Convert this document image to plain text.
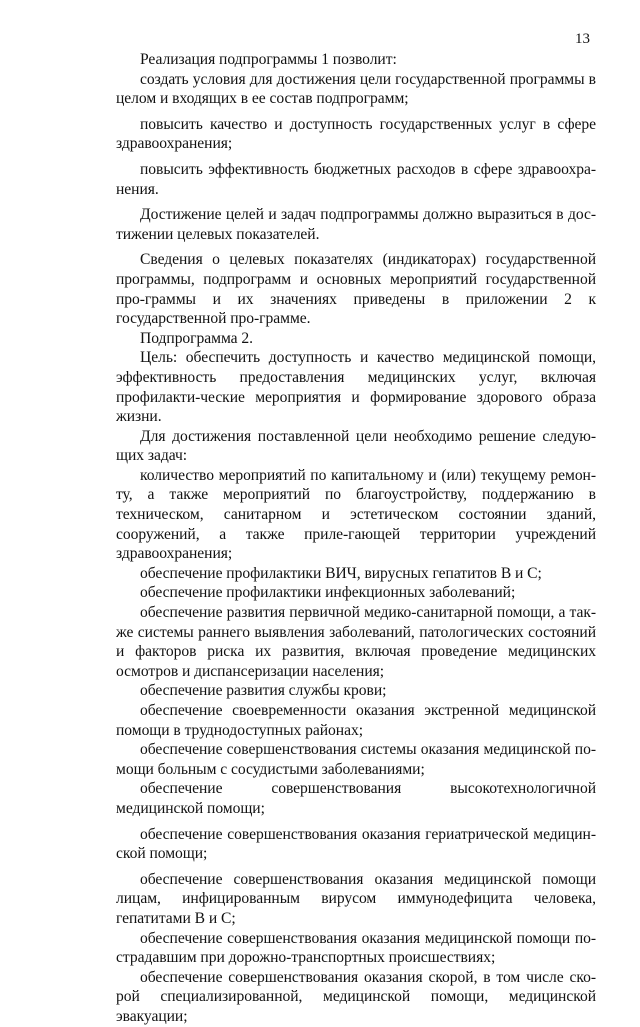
13

Реализация подпрограммы 1 позволит:

создать условия для достижения цели государственной программы в целом и входящих в ее состав подпрограмм;

повысить качество и доступность государственных услуг в сфере здравоохранения;

повысить эффективность бюджетных расходов в сфере здравоохра-нения.

Достижение целей и задач подпрограммы должно выразиться в дос-тижении целевых показателей.

Сведения о целевых показателях (индикаторах) государственной программы, подпрограмм и основных мероприятий государственной про-граммы и их значениях приведены в приложении 2 к государственной про-грамме.

Подпрограмма 2.

Цель: обеспечить доступность и качество медицинской помощи, эффективность предоставления медицинских услуг, включая профилакти-ческие мероприятия и формирование здорового образа жизни.

Для достижения поставленной цели необходимо решение следую-щих задач:

количество мероприятий по капитальному и (или) текущему ремон-ту, а также мероприятий по благоустройству, поддержанию в техническом, санитарном и эстетическом состоянии зданий, сооружений, а также приле-гающей территории учреждений здравоохранения;

обеспечение профилактики ВИЧ, вирусных гепатитов В и С;

обеспечение профилактики инфекционных заболеваний;

обеспечение развития первичной медико-санитарной помощи, а так-же системы раннего выявления заболеваний, патологических состояний и факторов риска их развития, включая проведение медицинских осмотров и диспансеризации населения;

обеспечение развития службы крови;

обеспечение своевременности оказания экстренной медицинской помощи в труднодоступных районах;

обеспечение совершенствования системы оказания медицинской по-мощи больным с сосудистыми заболеваниями;

обеспечение совершенствования высокотехнологичной медицинской помощи;

обеспечение совершенствования оказания гериатрической медицин-ской помощи;

обеспечение совершенствования оказания медицинской помощи лицам, инфицированным вирусом иммунодефицита человека, гепатитами В и С;

обеспечение совершенствования оказания медицинской помощи по-страдавшим при дорожно-транспортных происшествиях;

обеспечение совершенствования оказания скорой, в том числе ско-рой специализированной, медицинской помощи, медицинской эвакуации;
